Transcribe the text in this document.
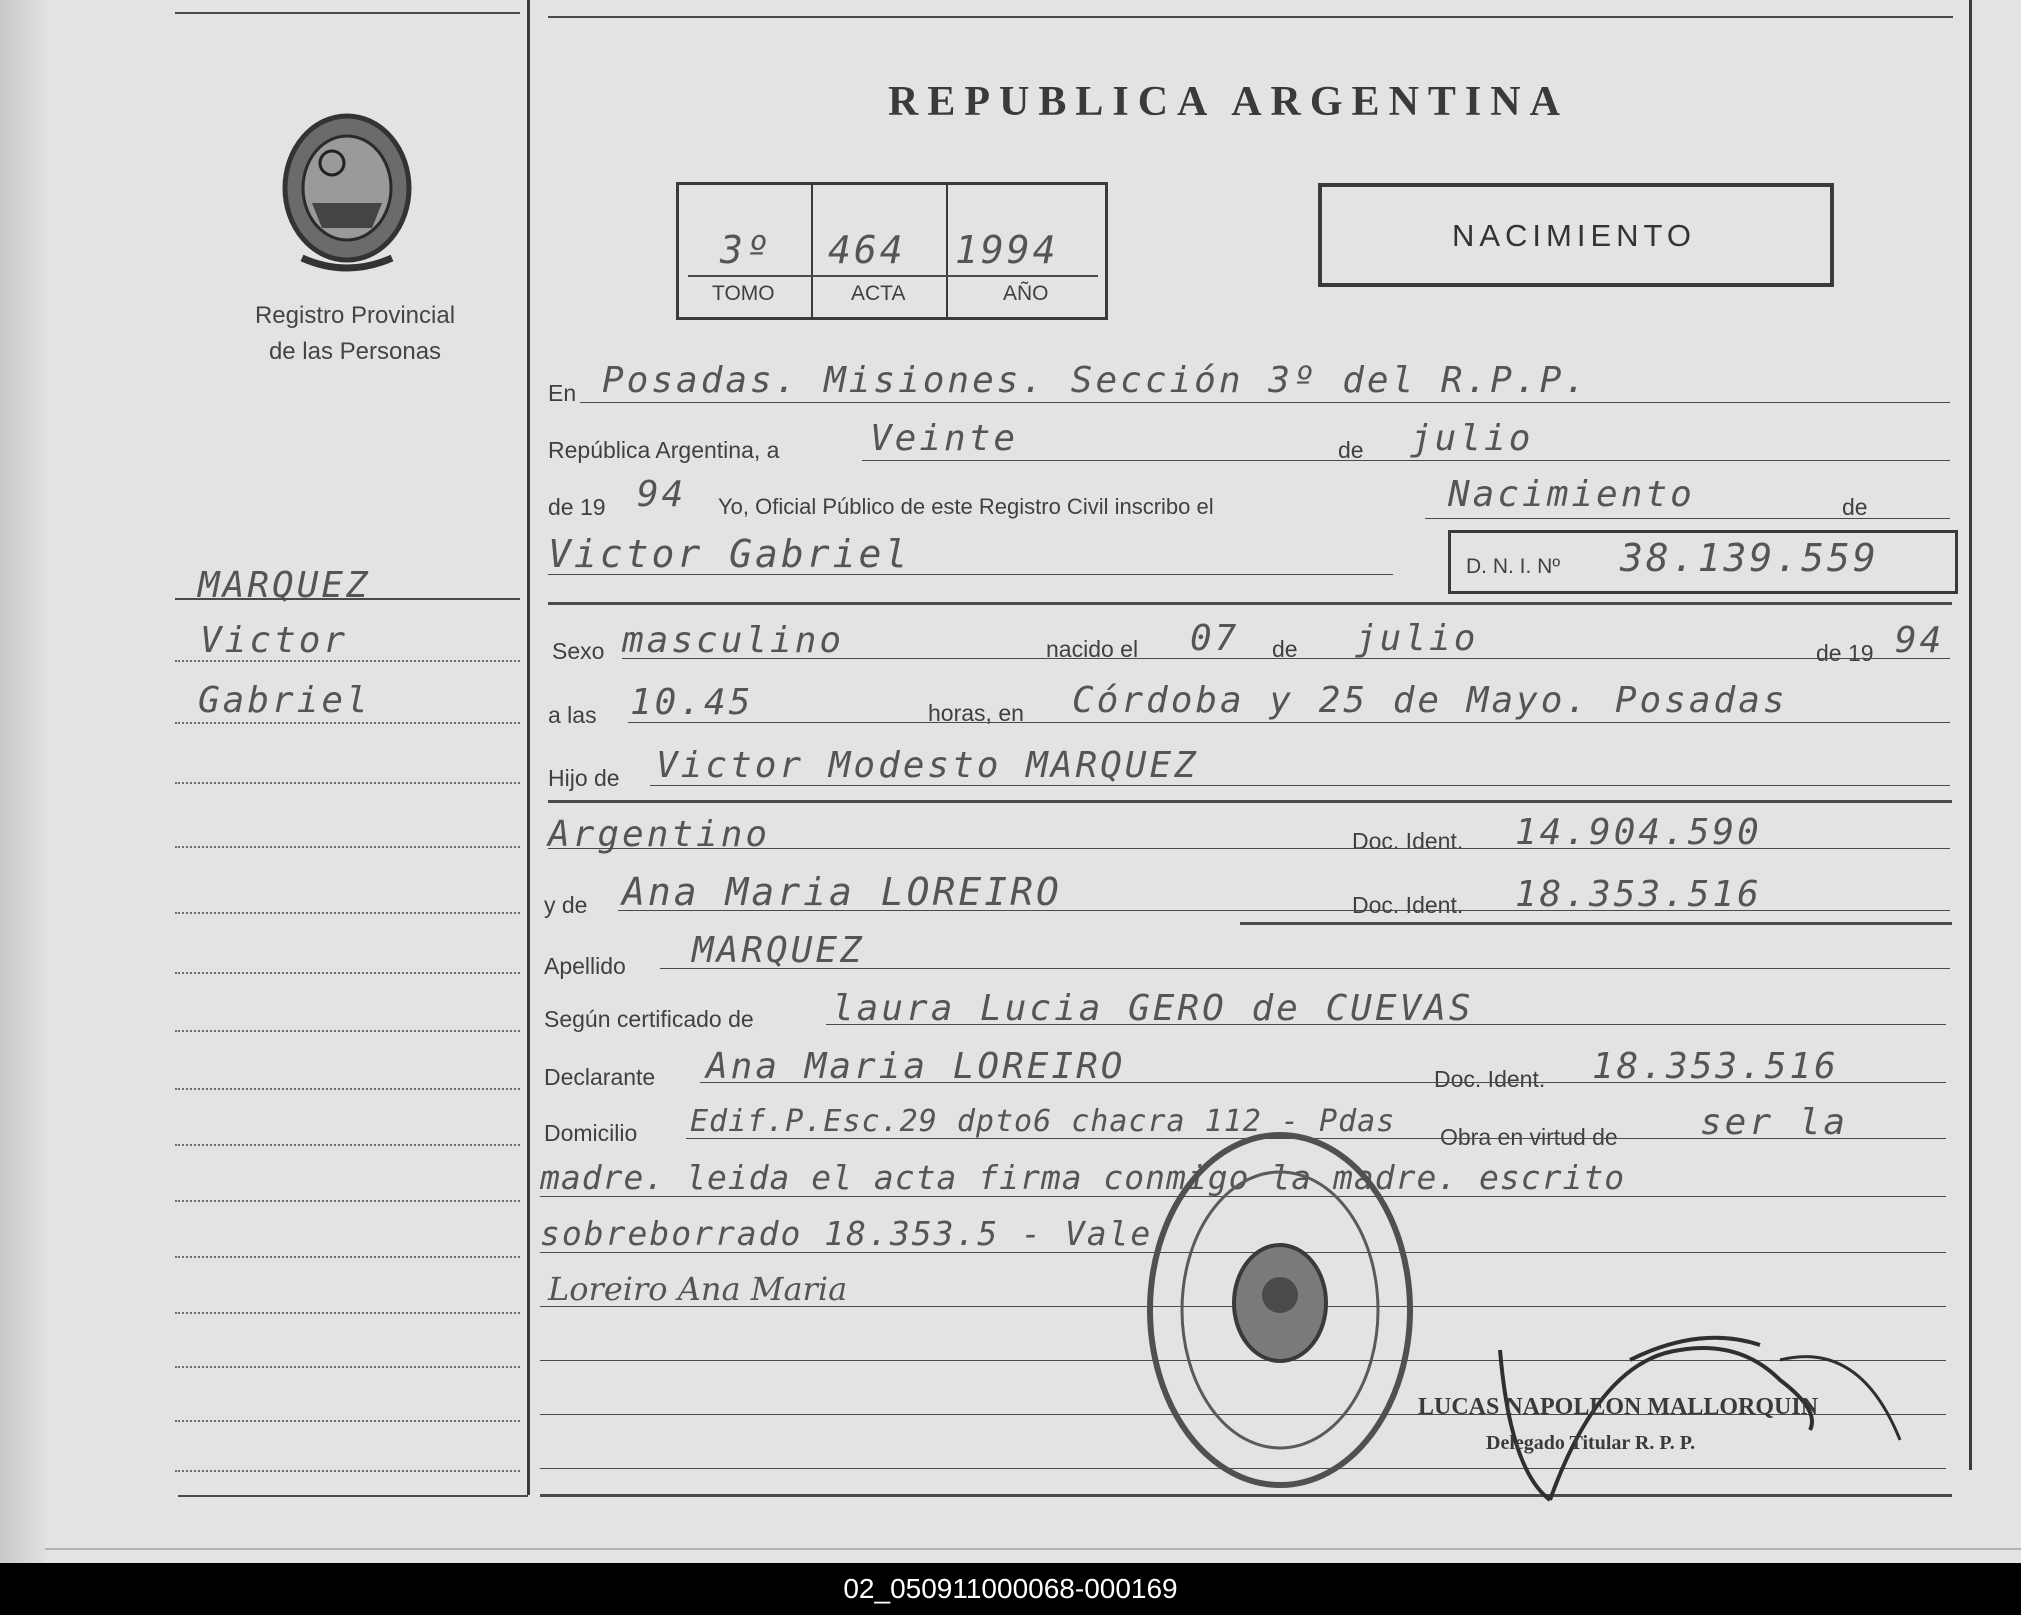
Registro Provincial
de las Personas
MARQUEZ
Victor
Gabriel
REPUBLICA ARGENTINA
3º 464 1994
TOMO	ACTA	AÑO
NACIMIENTO
En Posadas. Misiones. Sección 3º del R.P.P.
República Argentina, a	Veinte	de julio
de 19 94 Yo, Oficial Público de este Registro Civil inscribo el	Nacimiento	de
Victor Gabriel	D. N. I. Nº 38.139.559
Sexo masculino	nacido el 07 de julio	de 19 94
a las 10.45	horas, en Córdoba y 25 de Mayo. Posadas
Hijo de Victor Modesto MARQUEZ
Argentino	Doc. Ident. 14.904.590
y de Ana Maria LOREIRO	Doc. Ident. 18.353.516
Apellido MARQUEZ
Según certificado de laura Lucia GERO de CUEVAS
Declarante Ana Maria LOREIRO	Doc. Ident. 18.353.516
Domicilio Edif.P.Esc.29 dpto6 chacra 112 - Pdas Obra en virtud de ser la
madre. leida el acta firma conmigo la madre. escrito
sobreborrado 18.353.5 - Vale
Loreiro Ana Maria
LUCAS NAPOLEON MALLORQUIN
Delegado Titular R. P. P.
02_050911000068-000169
